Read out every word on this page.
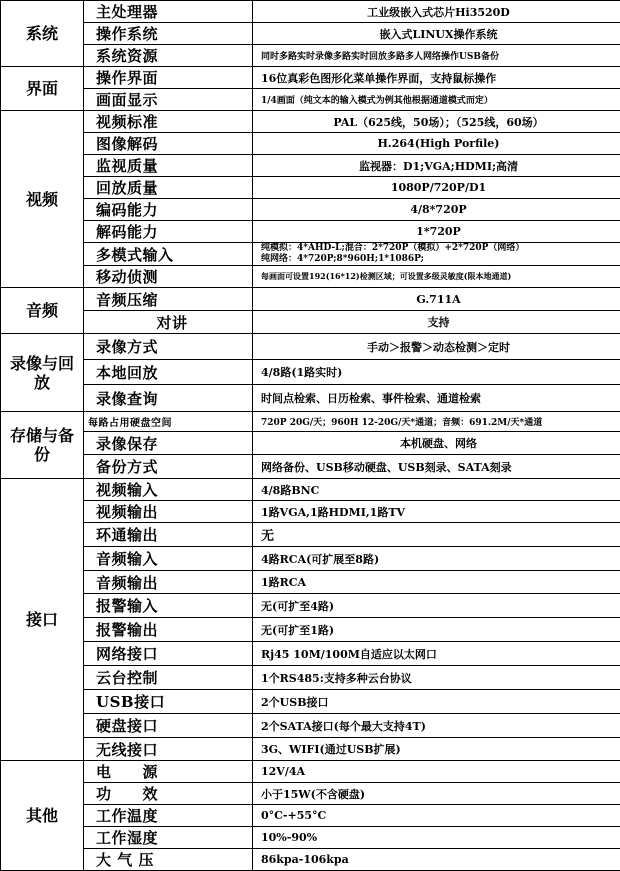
系统	主处理器	工业级嵌入式芯片Hi3520D
	操作系统	嵌入式LINUX操作系统
	系统资源	同时多路实时录像多路实时回放多路多人网络操作USB备份
界面	操作界面	16位真彩色图形化菜单操作界面，支持鼠标操作
	画面显示	1/4画面（纯文本的输入模式为例其他根据通道模式而定）
视频	视频标准	PAL（625线，50场）；（525线，60场）
	图像解码	H.264(High Porfile)
	监视质量	监视器：D1;VGA;HDMI;高清
	回放质量	1080P/720P/D1
	编码能力	4/8*720P
	解码能力	1*720P
	多模式输入	纯模拟：4*AHD-L;混合：2*720P（模拟）+2*720P（网络）
纯网络：4*720P;8*960H;1*1086P;

	移动侦测	每画面可设置192(16*12)检测区域；可设置多级灵敏度(限本地通道)
音频	音频压缩	G.711A
	对讲	支持
录像与回放	录像方式	手动＞报警＞动态检测＞定时
	本地回放	4/8路(1路实时)
	录像查询	时间点检索、日历检索、事件检索、通道检索
存储与备份	每路占用硬盘空间	720P 20G/天；960H 12-20G/天*通道；音频：691.2M/天*通道
	录像保存	本机硬盘、网络
	备份方式	网络备份、USB移动硬盘、USB刻录、SATA刻录
接口	视频输入	4/8路BNC
	视频输出	1路VGA,1路HDMI,1路TV
	环通输出	无
	音频输入	4路RCA(可扩展至8路)
	音频输出	1路RCA
	报警输入	无(可扩至4路)
	报警输出	无(可扩至1路)
	网络接口	Rj45 10M/100M自适应以太网口
	云台控制	1个RS485:支持多种云台协议
	USB接口	2个USB接口
	硬盘接口	2个SATA接口(每个最大支持4T)
	无线接口	3G、WIFI(通过USB扩展)
其他	电　　源	12V/4A
	功　　效	小于15W(不含硬盘)
	工作温度	0°C-+55°C
	工作湿度	10%-90%
	大 气 压	86kpa-106kpa
